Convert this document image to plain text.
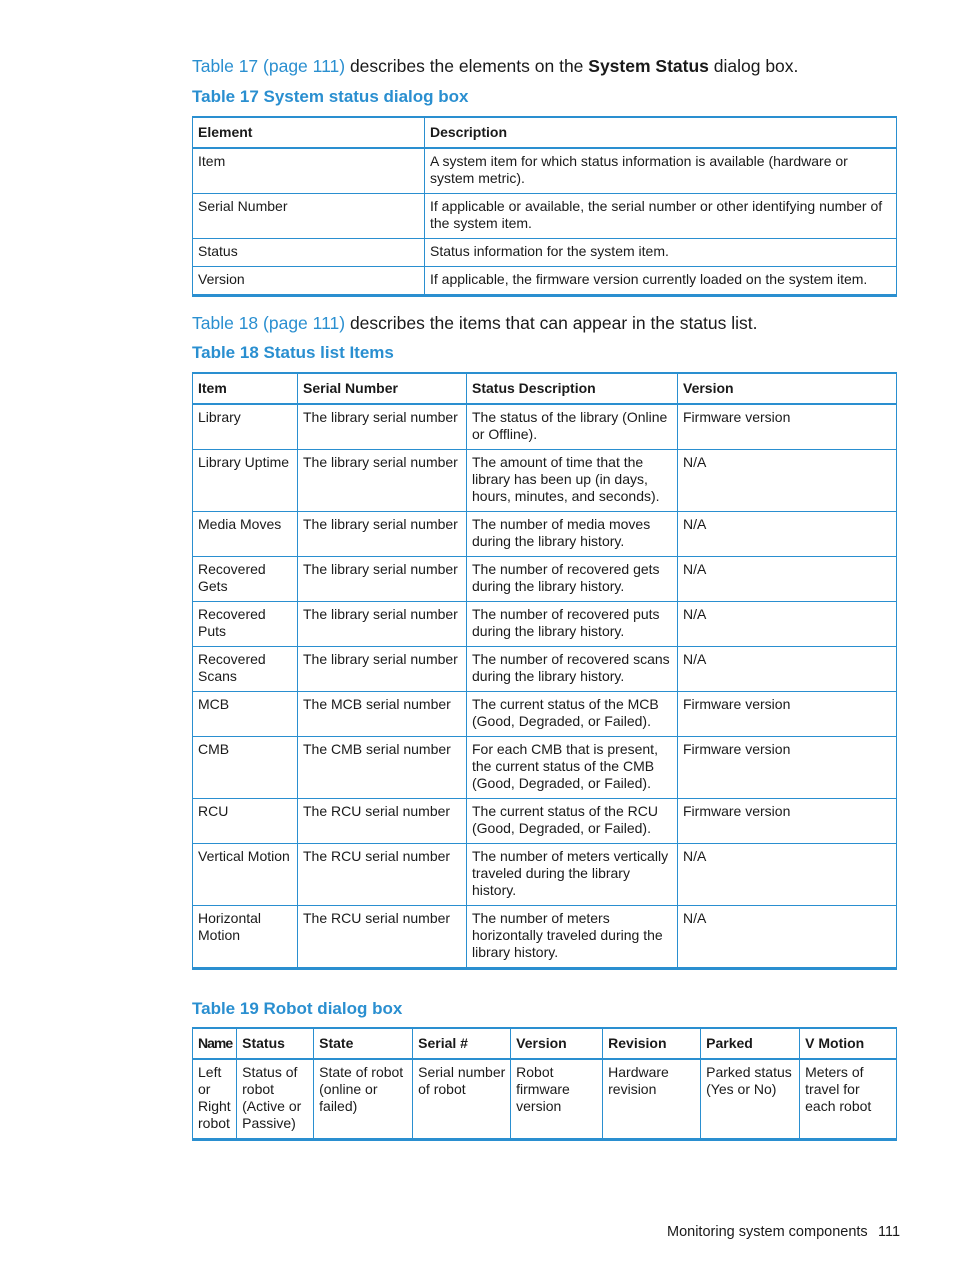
Table 17 (page 111) describes the elements on the System Status dialog box.
Table 17 System status dialog box
Element	Description
Item	A system item for which status information is available (hardware or system metric).
Serial Number	If applicable or available, the serial number or other identifying number of the system item.
Status	Status information for the system item.
Version	If applicable, the firmware version currently loaded on the system item.
Table 18 (page 111) describes the items that can appear in the status list.
Table 18 Status list Items
Item	Serial Number	Status Description	Version
Library	The library serial number	The status of the library (Online or Offline).	Firmware version
Library Uptime	The library serial number	The amount of time that the library has been up (in days, hours, minutes, and seconds).	N/A
Media Moves	The library serial number	The number of media moves during the library history.	N/A
Recovered Gets	The library serial number	The number of recovered gets during the library history.	N/A
Recovered Puts	The library serial number	The number of recovered puts during the library history.	N/A
Recovered Scans	The library serial number	The number of recovered scans during the library history.	N/A
MCB	The MCB serial number	The current status of the MCB (Good, Degraded, or Failed).	Firmware version
CMB	The CMB serial number	For each CMB that is present, the current status of the CMB (Good, Degraded, or Failed).	Firmware version
RCU	The RCU serial number	The current status of the RCU (Good, Degraded, or Failed).	Firmware version
Vertical Motion	The RCU serial number	The number of meters vertically traveled during the library history.	N/A
Horizontal Motion	The RCU serial number	The number of meters horizontally traveled during the library history.	N/A
Table 19 Robot dialog box
Name	Status	State	Serial #	Version	Revision	Parked	V Motion
Left or Right robot	Status of robot (Active or Passive)	State of robot (online or failed)	Serial number of robot	Robot firmware version	Hardware revision	Parked status (Yes or No)	Meters of travel for each robot
Monitoring system components 111
